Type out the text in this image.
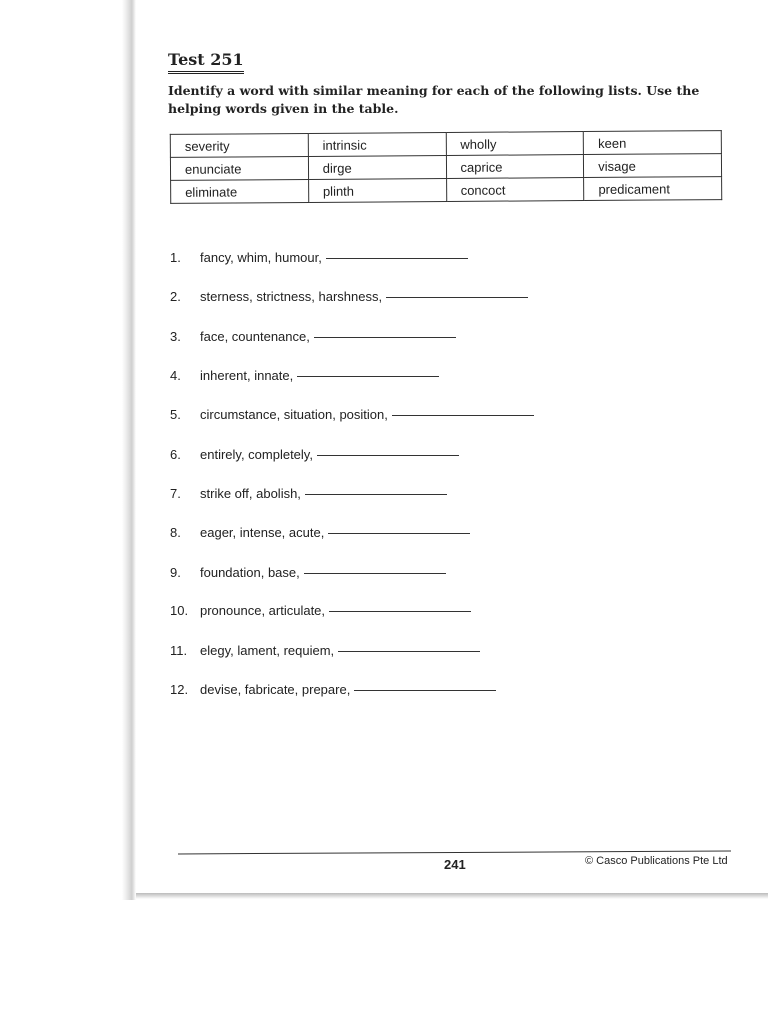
Test 251
Identify a word with similar meaning for each of the following lists. Use the helping words given in the table.
severity	intrinsic	wholly	keen
enunciate	dirge	caprice	visage
eliminate	plinth	concoct	predicament
1.	fancy, whim, humour,
2.	sterness, strictness, harshness,
3.	face, countenance,
4.	inherent, innate,
5.	circumstance, situation, position,
6.	entirely, completely,
7.	strike off, abolish,
8.	eager, intense, acute,
9.	foundation, base,
10. pronounce, articulate,
11. elegy, lament, requiem,
12. devise, fabricate, prepare,
241	© Casco Publications Pte Ltd
